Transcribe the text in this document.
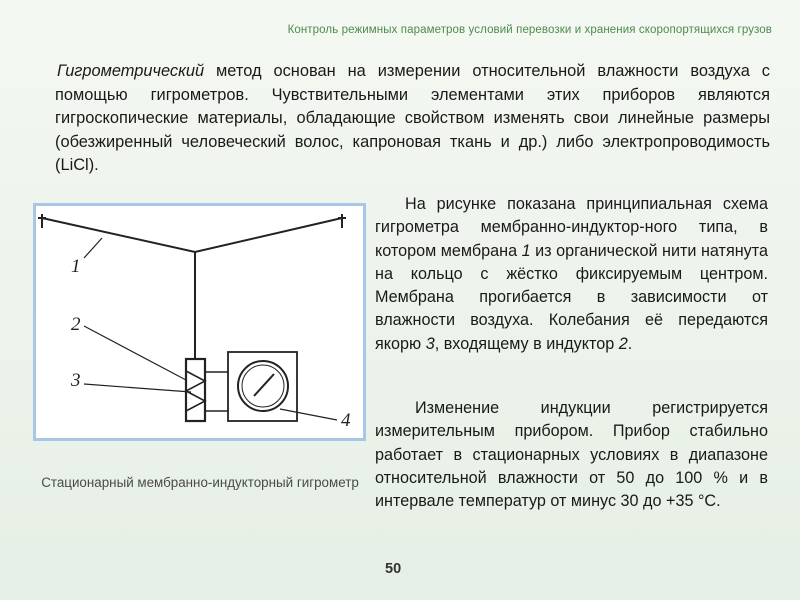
Контроль режимных параметров условий перевозки и хранения скоропортящихся грузов
Гигрометрический метод основан на измерении относительной влажности воздуха с помощью гигрометров. Чувствительными элементами этих приборов являются гигроскопические материалы, обладающие свойством изменять свои линейные размеры (обезжиренный человеческий волос, капроновая ткань и др.) либо электропроводимость (LiCl).
1
2
3
4
Стационарный мембранно-индукторный гигрометр
На рисунке показана принципиальная схема гигрометра мембранно-индуктор-ного типа, в котором мембрана 1 из органической нити натянута на кольцо с жёстко фиксируемым центром. Мембрана прогибается в зависимости от влажности воздуха. Колебания её передаются якорю 3, входящему в индуктор 2.
Изменение индукции регистрируется измерительным прибором. Прибор стабильно работает в стационарных условиях в диапазоне относительной влажности от 50 до 100 % и в интервале температур от минус 30 до +35 °С.
50
